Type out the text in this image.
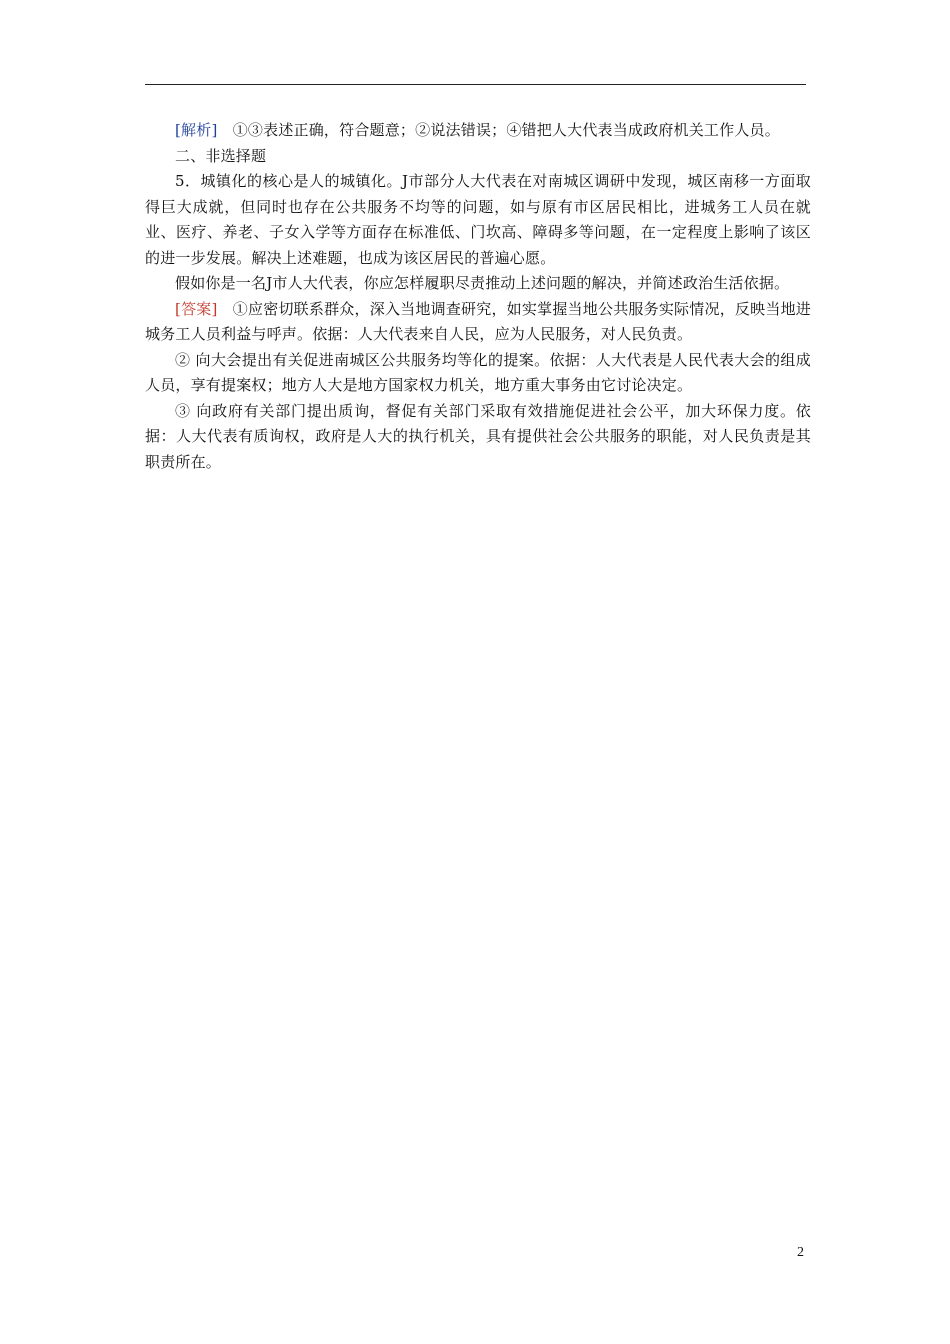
[解析]　①③表述正确，符合题意；②说法错误；④错把人大代表当成政府机关工作人员。

二、非选择题

5．城镇化的核心是人的城镇化。J市部分人大代表在对南城区调研中发现，城区南移一方面取得巨大成就，但同时也存在公共服务不均等的问题，如与原有市区居民相比，进城务工人员在就业、医疗、养老、子女入学等方面存在标准低、门坎高、障碍多等问题，在一定程度上影响了该区的进一步发展。解决上述难题，也成为该区居民的普遍心愿。

假如你是一名J市人大代表，你应怎样履职尽责推动上述问题的解决，并简述政治生活依据。

[答案]　①应密切联系群众，深入当地调查研究，如实掌握当地公共服务实际情况，反映当地进城务工人员利益与呼声。依据：人大代表来自人民，应为人民服务，对人民负责。

② 向大会提出有关促进南城区公共服务均等化的提案。依据：人大代表是人民代表大会的组成人员，享有提案权；地方人大是地方国家权力机关，地方重大事务由它讨论决定。

③ 向政府有关部门提出质询，督促有关部门采取有效措施促进社会公平，加大环保力度。依据：人大代表有质询权，政府是人大的执行机关，具有提供社会公共服务的职能，对人民负责是其职责所在。

2
